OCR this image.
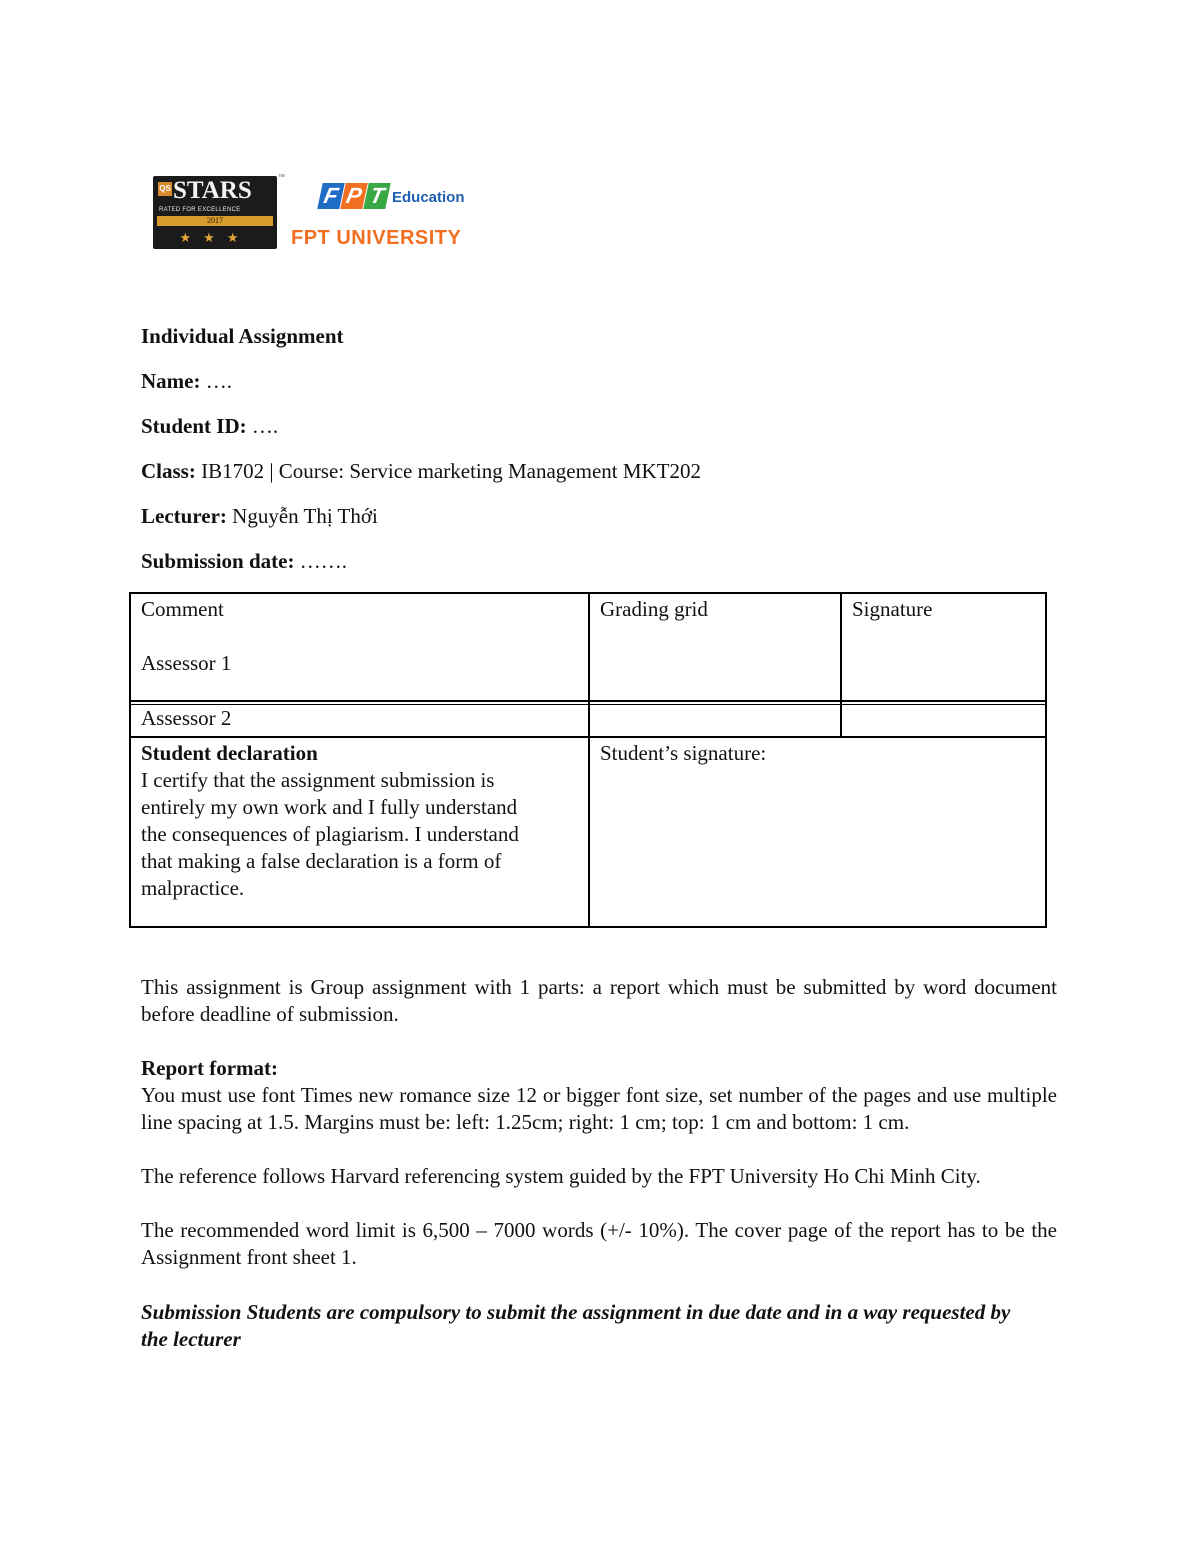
QS STARS	™
RATED FOR EXCELLENCE
2017
★★★
F P T Education
FPT UNIVERSITY
Individual Assignment
Name: ….
Student ID: ….
Class: IB1702 | Course: Service marketing Management MKT202
Lecturer: Nguyễn Thị Thới
Submission date: …….
Comment
Assessor 1
Grading grid	Signature
Assessor 2
Student declaration
I certify that the assignment submission is
entirely my own work and I fully understand
the consequences of plagiarism. I understand
that making a false declaration is a form of
malpractice.
Student’s signature:
This assignment is Group assignment with 1 parts: a report which must be submitted by word document before deadline of submission.
Report format:
You must use font Times new romance size 12 or bigger font size, set number of the pages and use multiple line spacing at 1.5. Margins must be: left: 1.25cm; right: 1 cm; top: 1 cm and bottom: 1 cm.
The reference follows Harvard referencing system guided by the FPT University Ho Chi Minh City.
The recommended word limit is 6,500 – 7000 words (+/- 10%). The cover page of the report has to be the Assignment front sheet 1.
Submission Students are compulsory to submit the assignment in due date and in a way requested by the lecturer
